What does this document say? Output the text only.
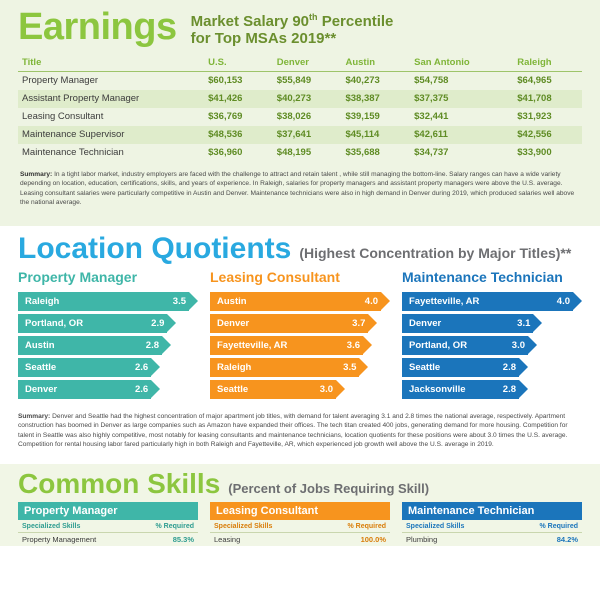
Earnings Market Salary 90th Percentile
for Top MSAs 2019**
Title	U.S.	Denver	Austin	San Antonio	Raleigh
Property Manager	$60,153	$55,849	$40,273	$54,758	$64,965
Assistant Property Manager	$41,426	$40,273	$38,387	$37,375	$41,708
Leasing Consultant	$36,769	$38,026	$39,159	$32,441	$31,923
Maintenance Supervisor	$48,536	$37,641	$45,114	$42,611	$42,556
Maintenance Technician	$36,960	$48,195	$35,688	$34,737	$33,900

Summary: In a tight labor market, industry employers are faced with the challenge to attract and retain talent , while still managing the bottom-line. Salary ranges can have a wide variety depending on location, education, certifications, skills, and years of experience. In Raleigh, salaries for property managers and assistant property managers were above the U.S. average. Leasing consultant salaries were particularly competitive in Austin and Denver. Maintenance technicians were also in high demand in Denver during 2019, which produced salaries well above the national average.

Location Quotients (Highest Concentration by Major Titles)**
Property Manager
Raleigh	3.5
Portland, OR	2.9
Austin	2.8
Seattle	2.6
Denver	2.6
Leasing Consultant
Austin	4.0
Denver	3.7
Fayetteville, AR	3.6
Raleigh	3.5
Seattle	3.0
Maintenance Technician
Fayetteville, AR	4.0
Denver	3.1
Portland, OR	3.0
Seattle	2.8
Jacksonville	2.8

Summary: Denver and Seattle had the highest concentration of major apartment job titles, with demand for talent averaging 3.1 and 2.8 times the national average, respectively. Apartment construction has boomed in Denver as large companies such as Amazon have expanded their offices. The tech titan created 400 jobs, generating demand for more housing. Competition for talent in Seattle was also highly competitive, most notably for leasing consultants and maintenance technicians, location quotients for these positions were about 3.0 times the U.S. average. Competition for rental housing labor fared particularly high in both Raleigh and Fayetteville, AR, which experienced job growth well above the U.S. average in 2019.

Common Skills (Percent of Jobs Requiring Skill)
Property Manager
Specialized Skills	% Required
Property Management	85.3%
Leasing Consultant
Specialized Skills	% Required
Leasing	100.0%
Maintenance Technician
Specialized Skills	% Required
Plumbing	84.2%
